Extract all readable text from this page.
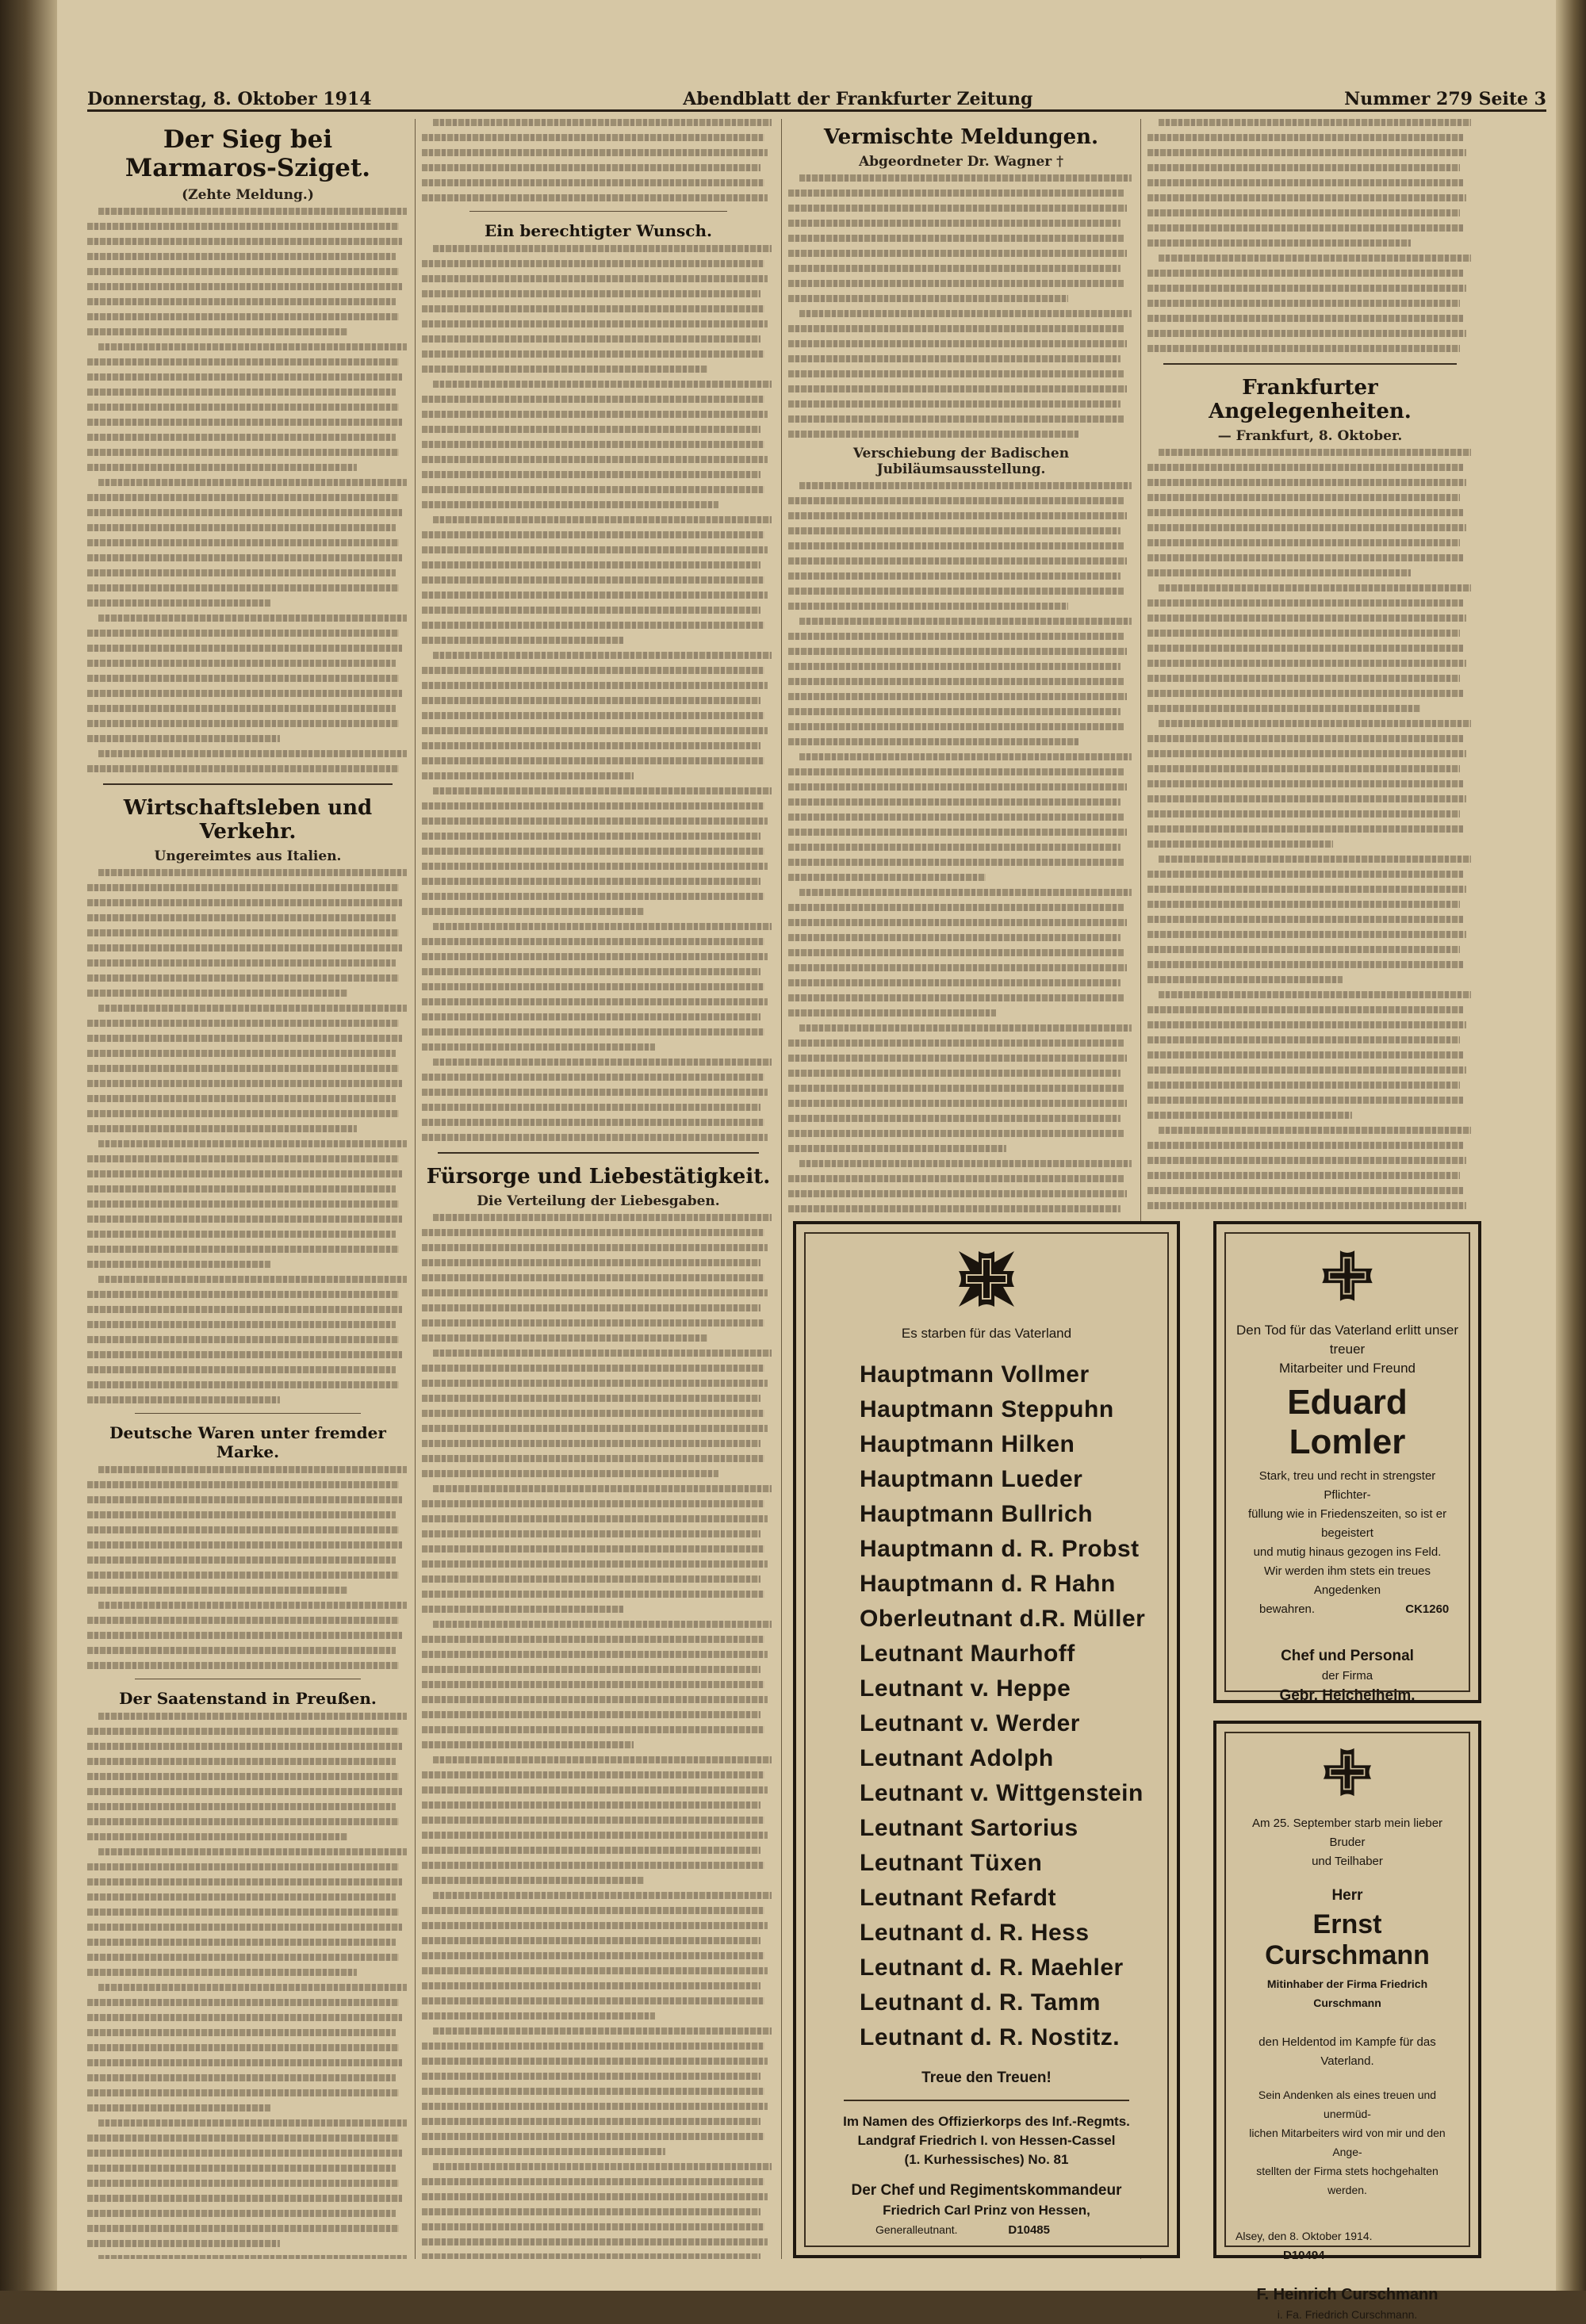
Donnerstag, 8. Oktober 1914	Abendblatt der Frankfurter Zeitung	Nummer 279 Seite 3
Der Sieg bei Marmaros-Sziget.
(Zehte Meldung.)
Wirtschaftsleben und Verkehr.
Ungereimtes aus Italien.
Deutsche Waren unter fremder Marke.
Der Saatenstand in Preußen.
Ein berechtigter Wunsch.
Fürsorge und Liebestätigkeit.
Die Verteilung der Liebesgaben.
Vermischte Meldungen.
Abgeordneter Dr. Wagner †
Verschiebung der Badischen Jubiläumsausstellung.
Frankfurter Angelegenheiten.
— Frankfurt, 8. Oktober.

Es starben für das Vaterland

Hauptmann Vollmer

Hauptmann Steppuhn

Hauptmann Hilken

Hauptmann Lueder

Hauptmann Bullrich

Hauptmann d. R. Probst

Hauptmann d. R Hahn

Oberleutnant d.R. Müller

Leutnant Maurhoff

Leutnant v. Heppe

Leutnant v. Werder

Leutnant Adolph

Leutnant v. Wittgenstein

Leutnant Sartorius

Leutnant Tüxen

Leutnant Refardt

Leutnant d. R. Hess

Leutnant d. R. Maehler

Leutnant d. R. Tamm

Leutnant d. R. Nostitz.

Treue den Treuen!

Im Namen des Offizierkorps des Inf.-Regmts.

Landgraf Friedrich I. von Hessen-Cassel

(1. Kurhessisches) No. 81

Der Chef und Regimentskommandeur

Friedrich Carl Prinz von Hessen,

Generalleutnant.	D10485

Den Tod für das Vaterland erlitt unser treuer

Mitarbeiter und Freund

Eduard Lomler

Stark, treu und recht in strengster Pflichter-

füllung wie in Friedenszeiten, so ist er begeistert

und mutig hinaus gezogen ins Feld.

Wir werden ihm stets ein treues Angedenken

bewahren.	CK1260

Chef und Personal

der Firma

Gebr. Heichelheim.

Am 25. September starb mein lieber Bruder

und Teilhaber

Herr

Ernst Curschmann

Mitinhaber der Firma Friedrich Curschmann

den Heldentod im Kampfe für das Vaterland.

Sein Andenken als eines treuen und unermüd-

lichen Mitarbeiters wird von mir und den Ange-

stellten der Firma stets hochgehalten werden.

Alsey, den 8. Oktober 1914. D10494

F. Heinrich Curschmann

i. Fa. Friedrich Curschmann.
